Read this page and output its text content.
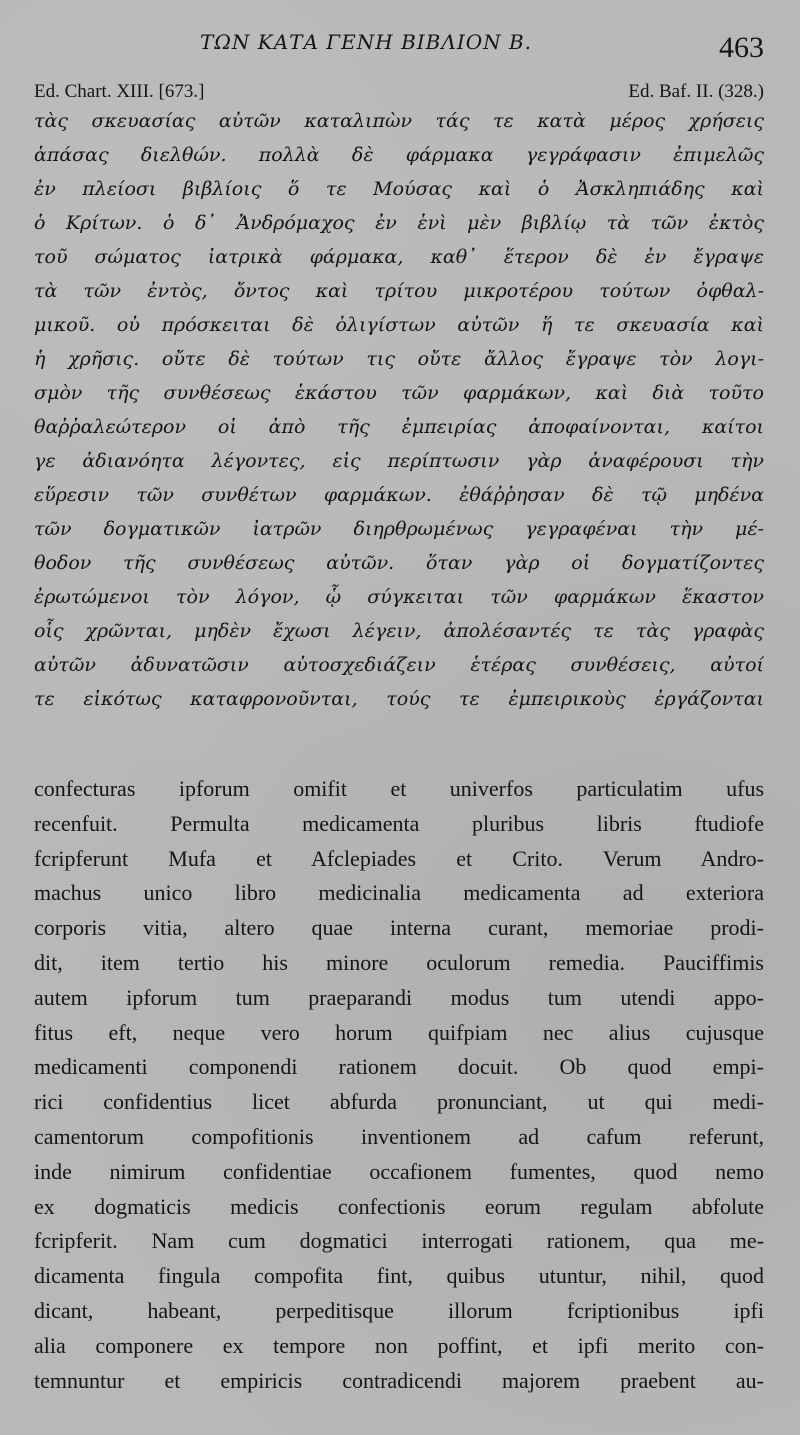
ΤΩΝ ΚΑΤΑ ΓΕΝΗ ΒΙΒΛΙΟΝ Β.	463
Ed. Chart. XIII. [673.]	Ed. Baf. II. (328.)
τὰς σκευασίας αὐτῶν καταλιπὼν τάς τε κατὰ μέρος χρήσεις
ἁπάσας διελθών. πολλὰ δὲ φάρμακα γεγράφασιν ἐπιμελῶς
ἐν πλείοσι βιβλίοις ὅ τε Μούσας καὶ ὁ Ἀσκληπιάδης καὶ
ὁ Κρίτων. ὁ δ᾽ Ἀνδρόμαχος ἐν ἑνὶ μὲν βιβλίῳ τὰ τῶν ἐκτὸς
τοῦ σώματος ἰατρικὰ φάρμακα, καθ᾽ ἕτερον δὲ ἐν ἔγραψε
τὰ τῶν ἐντὸς, ὄντος καὶ τρίτου μικροτέρου τούτων ὀφθαλ-
μικοῦ. οὐ πρόσκειται δὲ ὀλιγίστων αὐτῶν ἥ τε σκευασία καὶ
ἡ χρῆσις. οὔτε δὲ τούτων τις οὔτε ἄλλος ἔγραψε τὸν λογι-
σμὸν τῆς συνθέσεως ἑκάστου τῶν φαρμάκων, καὶ διὰ τοῦτο
θαῤῥαλεώτερον οἱ ἀπὸ τῆς ἐμπειρίας ἀποφαίνονται, καίτοι
γε ἀδιανόητα λέγοντες, εἰς περίπτωσιν γὰρ ἀναφέρουσι τὴν
εὕρεσιν τῶν συνθέτων φαρμάκων. ἐθάῤῥησαν δὲ τῷ μηδένα
τῶν δογματικῶν ἰατρῶν διηρθρωμένως γεγραφέναι τὴν μέ-
θοδον τῆς συνθέσεως αὐτῶν. ὅταν γὰρ οἱ δογματίζοντες
ἐρωτώμενοι τὸν λόγον, ᾧ σύγκειται τῶν φαρμάκων ἕκαστον
οἷς χρῶνται, μηδὲν ἔχωσι λέγειν, ἀπολέσαντές τε τὰς γραφὰς
αὐτῶν ἀδυνατῶσιν αὐτοσχεδιάζειν ἑτέρας συνθέσεις, αὐτοί
τε εἰκότως καταφρονοῦνται, τούς τε ἐμπειρικοὺς ἐργάζονται
confecturas ipforum omifit et univerfos particulatim ufus
recenfuit. Permulta medicamenta pluribus libris ftudiofe
fcripferunt Mufa et Afclepiades et Crito. Verum Andro-
machus unico libro medicinalia medicamenta ad exteriora
corporis vitia, altero quae interna curant, memoriae prodi-
dit, item tertio his minore oculorum remedia. Pauciffimis
autem ipforum tum praeparandi modus tum utendi appo-
fitus eft, neque vero horum quifpiam nec alius cujusque
medicamenti componendi rationem docuit. Ob quod empi-
rici confidentius licet abfurda pronunciant, ut qui medi-
camentorum compofitionis inventionem ad cafum referunt,
inde nimirum confidentiae occafionem fumentes, quod nemo
ex dogmaticis medicis confectionis eorum regulam abfolute
fcripferit. Nam cum dogmatici interrogati rationem, qua me-
dicamenta fingula compofita fint, quibus utuntur, nihil, quod
dicant, habeant, perpeditisque illorum fcriptionibus ipfi
alia componere ex tempore non poffint, et ipfi merito con-
temnuntur et empiricis contradicendi majorem praebent au-
